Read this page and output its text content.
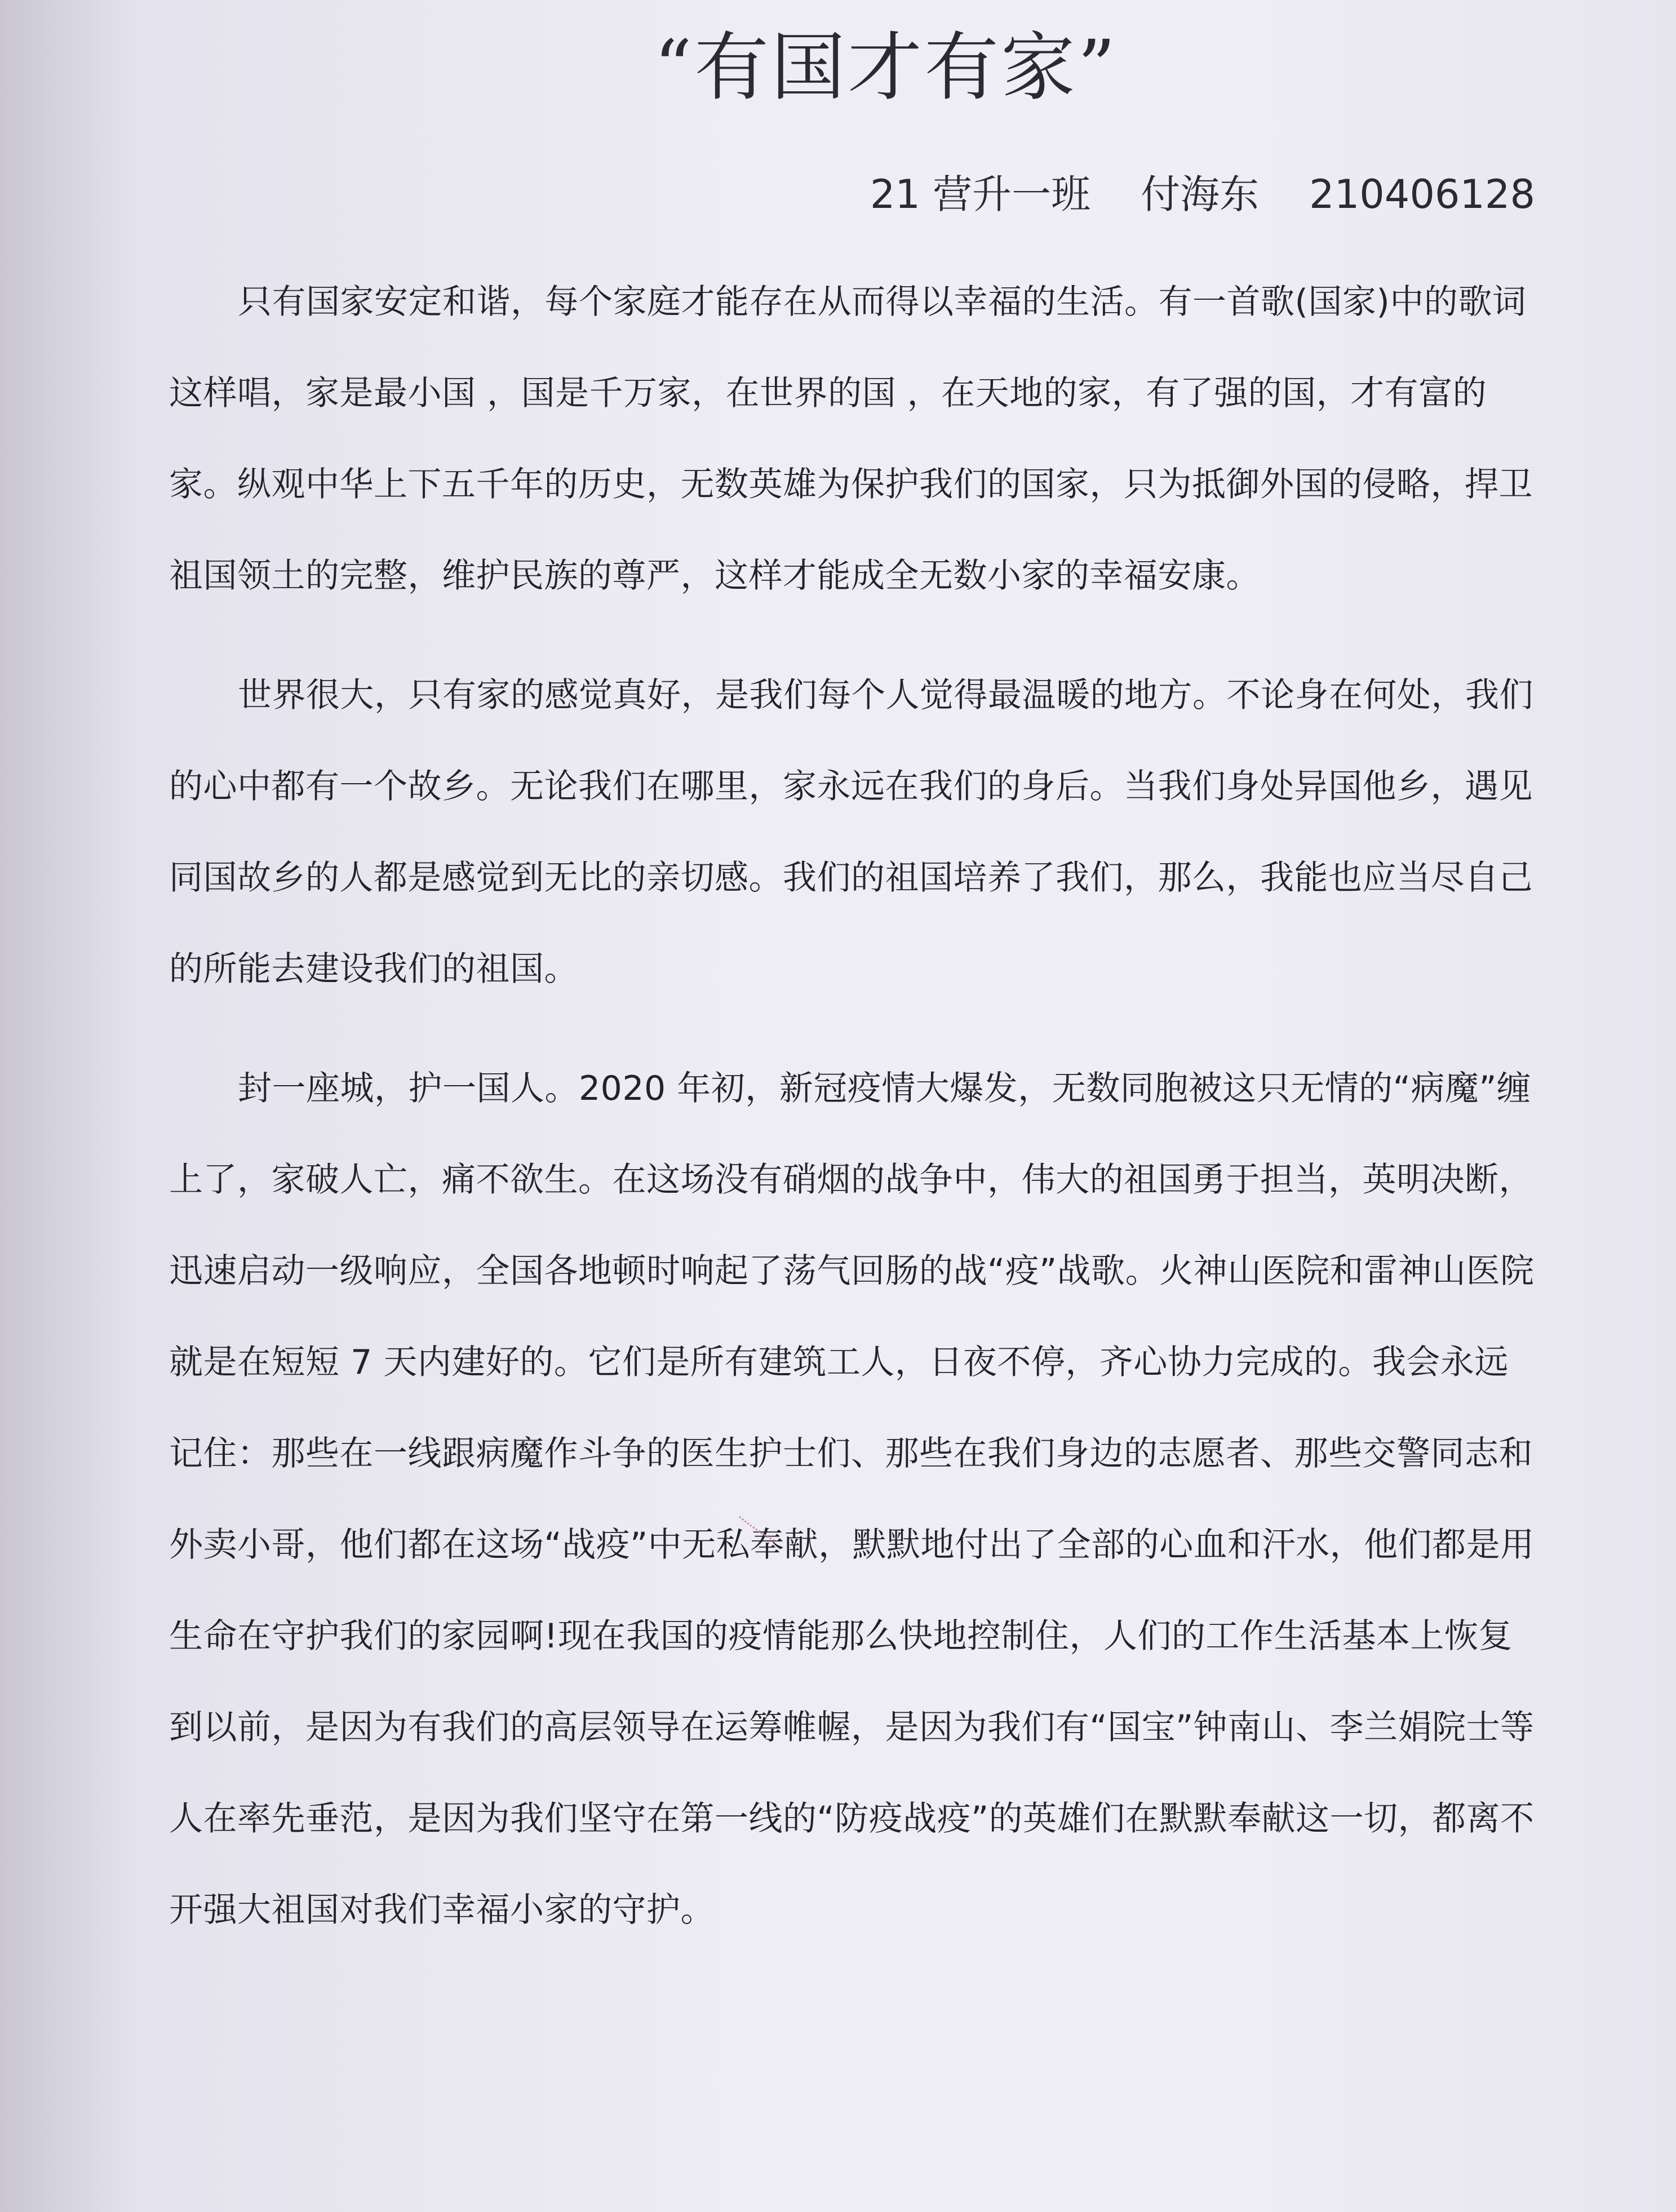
“有国才有家”
21 营升一班    付海东    210406128

只有国家安定和谐，每个家庭才能存在从而得以幸福的生活。有一首歌(国家)中的歌词这样唱，家是最小国 ，国是千万家，在世界的国 ，在天地的家，有了强的国，才有富的家。纵观中华上下五千年的历史，无数英雄为保护我们的国家，只为抵御外国的侵略，捍卫祖国领土的完整，维护民族的尊严，这样才能成全无数小家的幸福安康。

世界很大，只有家的感觉真好，是我们每个人觉得最温暖的地方。不论身在何处，我们的心中都有一个故乡。无论我们在哪里，家永远在我们的身后。当我们身处异国他乡，遇见同国故乡的人都是感觉到无比的亲切感。我们的祖国培养了我们，那么，我能也应当尽自己的所能去建设我们的祖国。

封一座城，护一国人。2020 年初，新冠疫情大爆发，无数同胞被这只无情的“病魔”缠上了，家破人亡，痛不欲生。在这场没有硝烟的战争中，伟大的祖国勇于担当，英明决断，迅速启动一级响应，全国各地顿时响起了荡气回肠的战“疫”战歌。火神山医院和雷神山医院就是在短短 7 天内建好的。它们是所有建筑工人，日夜不停，齐心协力完成的。我会永远记住：那些在一线跟病魔作斗争的医生护士们、那些在我们身边的志愿者、那些交警同志和外卖小哥，他们都在这场“战疫”中无私奉献，默默地付出了全部的心血和汗水，他们都是用生命在守护我们的家园啊!现在我国的疫情能那么快地控制住，人们的工作生活基本上恢复到以前，是因为有我们的高层领导在运筹帷幄，是因为我们有“国宝”钟南山、李兰娟院士等人在率先垂范，是因为我们坚守在第一线的“防疫战疫”的英雄们在默默奉献这一切，都离不开强大祖国对我们幸福小家的守护。
